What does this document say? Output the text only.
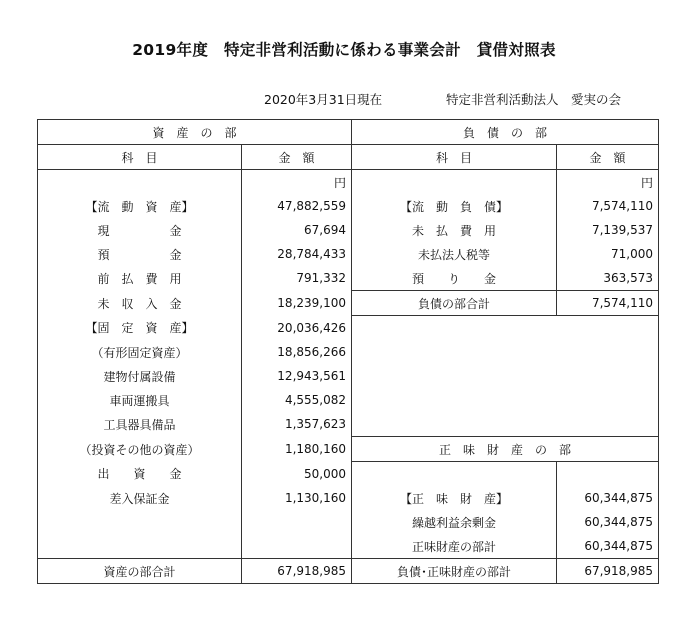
2019年度　特定非営利活動に係わる事業会計　貸借対照表
2020年3月31日現在	特定非営利活動法人　愛実の会
資　産　の　部		負　債　の　部	
科　目	金　額	科　目	金　額
	円		円
【流　動　資　産】	47,882,559	【流　動　負　債】	7,574,110
現　　　　　金	67,694	未　払　費　用	7,139,537
預　　　　　金	28,784,433	未払法人税等	71,000
前　払　費　用	791,332	預　　り　　金	363,573
未　収　入　金	18,239,100	負債の部合計	7,574,110
【固　定　資　産】	20,036,426		
（有形固定資産）	18,856,266		
建物付属設備	12,943,561		
車両運搬具	4,555,082		
工具器具備品	1,357,623		
（投資その他の資産）	1,180,160	正　味　財　産　の　部	
出　　資　　金	50,000		
差入保証金	1,130,160	【正　味　財　産】	60,344,875
		繰越利益余剰金	60,344,875
		正味財産の部計	60,344,875
資産の部合計	67,918,985	負債･正味財産の部計	67,918,985
